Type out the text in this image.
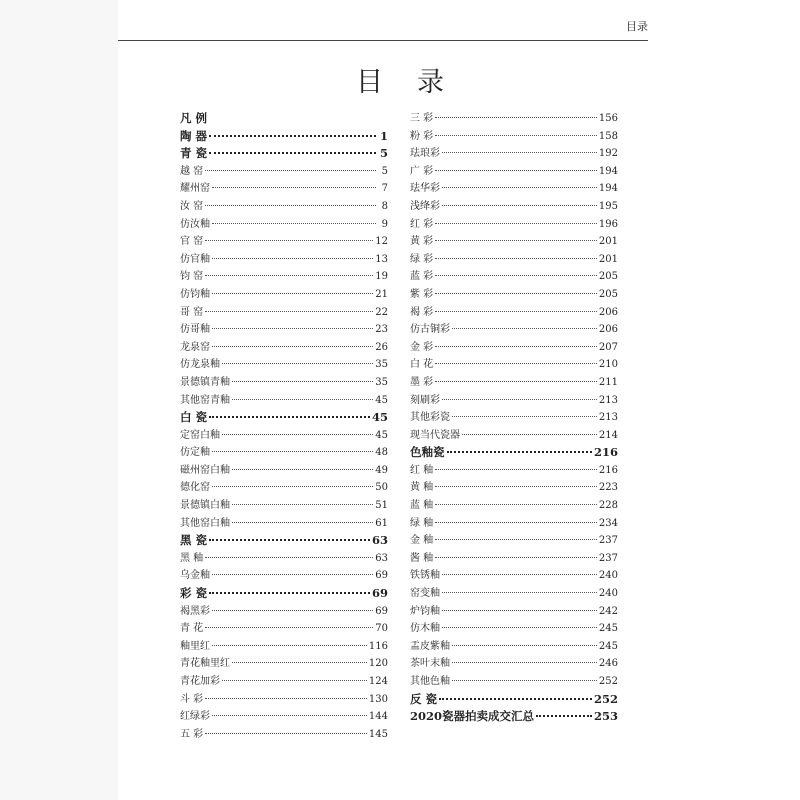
目录
目录
凡 例
陶 器	1
青 瓷	5
越 窑	5
耀州窑	7
汝 窑	8
仿汝釉	9
官 窑	12
仿官釉	13
钧 窑	19
仿钧釉	21
哥 窑	22
仿哥釉	23
龙泉窑	26
仿龙泉釉	35
景德镇青釉	35
其他窑青釉	45
白 瓷	45
定窑白釉	45
仿定釉	48
磁州窑白釉	49
德化窑	50
景德镇白釉	51
其他窑白釉	61
黑 瓷	63
黑 釉	63
乌金釉	69
彩 瓷	69
褐黑彩	69
青 花	70
釉里红	116
青花釉里红	120
青花加彩	124
斗 彩	130
红绿彩	144
五 彩	145
三 彩	156
粉 彩	158
珐琅彩	192
广 彩	194
珐华彩	194
浅绛彩	195
红 彩	196
黄 彩	201
绿 彩	201
蓝 彩	205
紫 彩	205
褐 彩	206
仿古铜彩	206
金 彩	207
白 花	210
墨 彩	211
刻刷彩	213
其他彩瓷	213
现当代瓷器	214
色釉瓷	216
红 釉	216
黄 釉	223
蓝 釉	228
绿 釉	234
金 釉	237
酱 釉	237
铁锈釉	240
窑变釉	240
炉钧釉	242
仿木釉	245
盂皮紫釉	245
茶叶末釉	246
其他色釉	252
反 瓷	252
2020瓷器拍卖成交汇总	253
